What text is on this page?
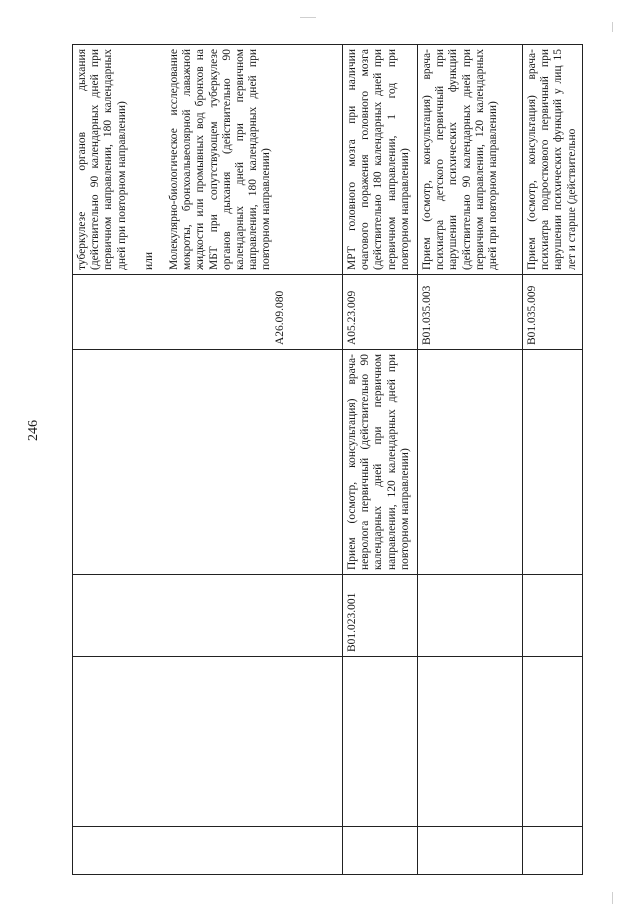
246

				A26.09.080	туберкулезе органов дыхания (действительно 90 календарных дней при первичном направлении, 180 календарных дней при повторном направлении) или Молекулярно-биологическое исследование мокроты, бронхоальвеолярной лаважной жидкости или промывных вод бронхов на МБТ при сопутствующем туберкулезе органов дыхания (действительно 90 календарных дней при первичном направлении, 180 календарных дней при повторном направлении)

		B01.023.001	Прием (осмотр, консультация) врача-невролога первичный (действительно 90 календарных дней при первичном направлении, 120 календарных дней при повторном направлении)	A05.23.009	МРТ головного мозга при наличии очагового поражения головного мозга (действительно 180 календарных дней при первичном направлении, 1 год при повторном направлении)
				B01.035.003	Прием (осмотр, консультация) врача-психиатра детского первичный при нарушении психических функций (действительно 90 календарных дней при первичном направлении, 120 календарных дней при повторном направлении)
				B01.035.009	Прием (осмотр, консультация) врача-психиатра подросткового первичный при нарушении психических функций у лиц 15 лет и старше (действительно
